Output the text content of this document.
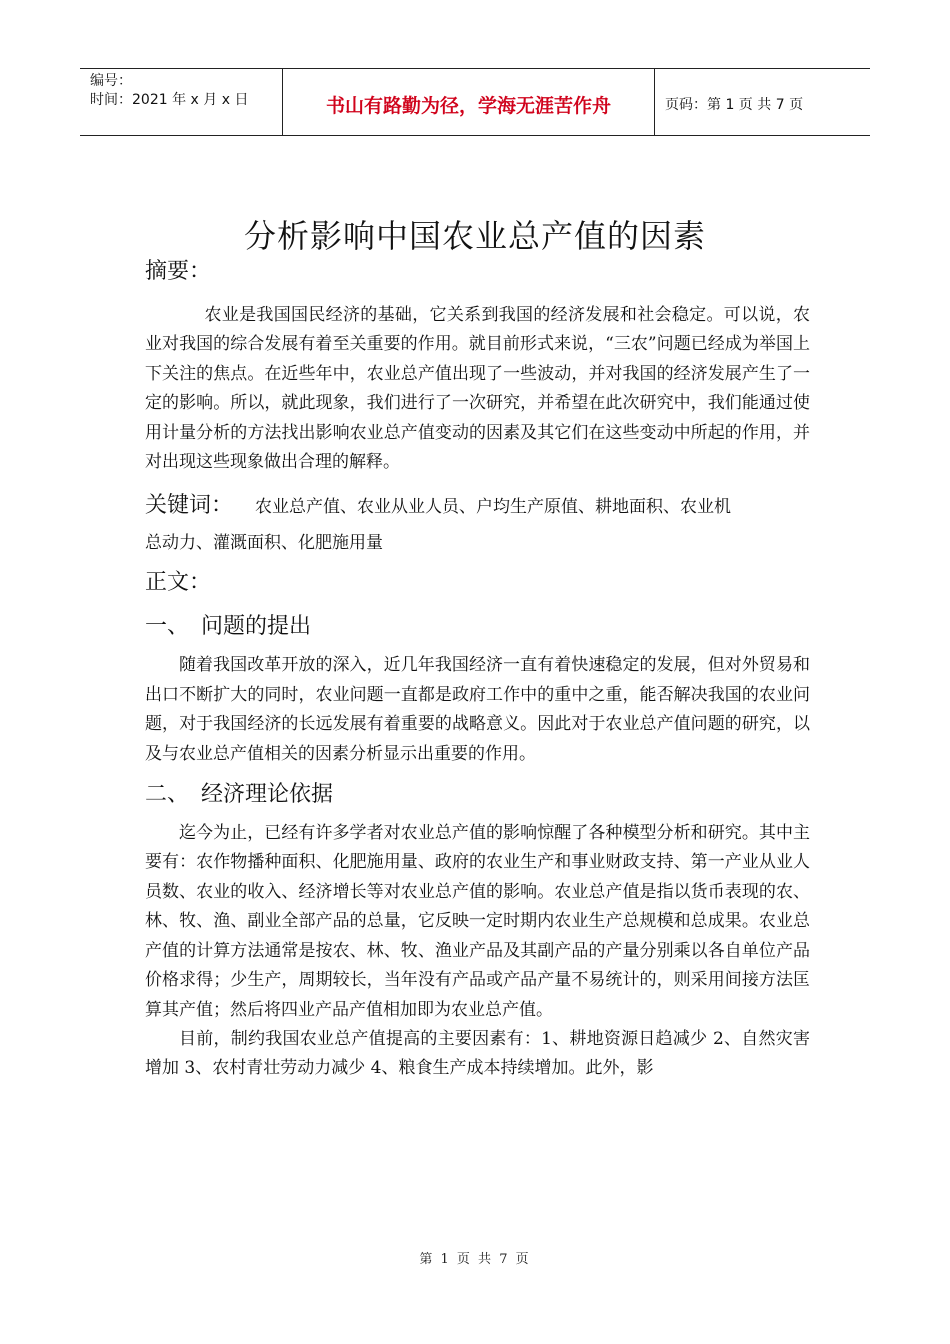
编号：
时间：2021 年 x 月 x 日	书山有路勤为径，学海无涯苦作舟	页码：第 1 页 共 7 页
分析影响中国农业总产值的因素
摘要：

农业是我国国民经济的基础，它关系到我国的经济发展和社会稳定。可以说，农业对我国的综合发展有着至关重要的作用。就目前形式来说，“三农”问题已经成为举国上下关注的焦点。在近些年中，农业总产值出现了一些波动，并对我国的经济发展产生了一定的影响。所以，就此现象，我们进行了一次研究，并希望在此次研究中，我们能通过使用计量分析的方法找出影响农业总产值变动的因素及其它们在这些变动中所起的作用，并对出现这些现象做出合理的解释。

关键词： 农业总产值、农业从业人员、户均生产原值、耕地面积、农业机
总动力、灌溉面积、化肥施用量
正文：
一、 问题的提出

随着我国改革开放的深入，近几年我国经济一直有着快速稳定的发展，但对外贸易和出口不断扩大的同时，农业问题一直都是政府工作中的重中之重，能否解决我国的农业问题，对于我国经济的长远发展有着重要的战略意义。因此对于农业总产值问题的研究，以及与农业总产值相关的因素分析显示出重要的作用。

二、 经济理论依据

迄今为止，已经有许多学者对农业总产值的影响惊醒了各种模型分析和研究。其中主要有：农作物播种面积、化肥施用量、政府的农业生产和事业财政支持、第一产业从业人员数、农业的收入、经济增长等对农业总产值的影响。农业总产值是指以货币表现的农、林、牧、渔、副业全部产品的总量，它反映一定时期内农业生产总规模和总成果。农业总产值的计算方法通常是按农、林、牧、渔业产品及其副产品的产量分别乘以各自单位产品价格求得；少生产，周期较长，当年没有产品或产品产量不易统计的，则采用间接方法匡算其产值；然后将四业产品产值相加即为农业总产值。

目前，制约我国农业总产值提高的主要因素有：1、耕地资源日趋减少 2、自然灾害增加 3、农村青壮劳动力减少 4、粮食生产成本持续增加。此外，影

第 1 页 共 7 页
